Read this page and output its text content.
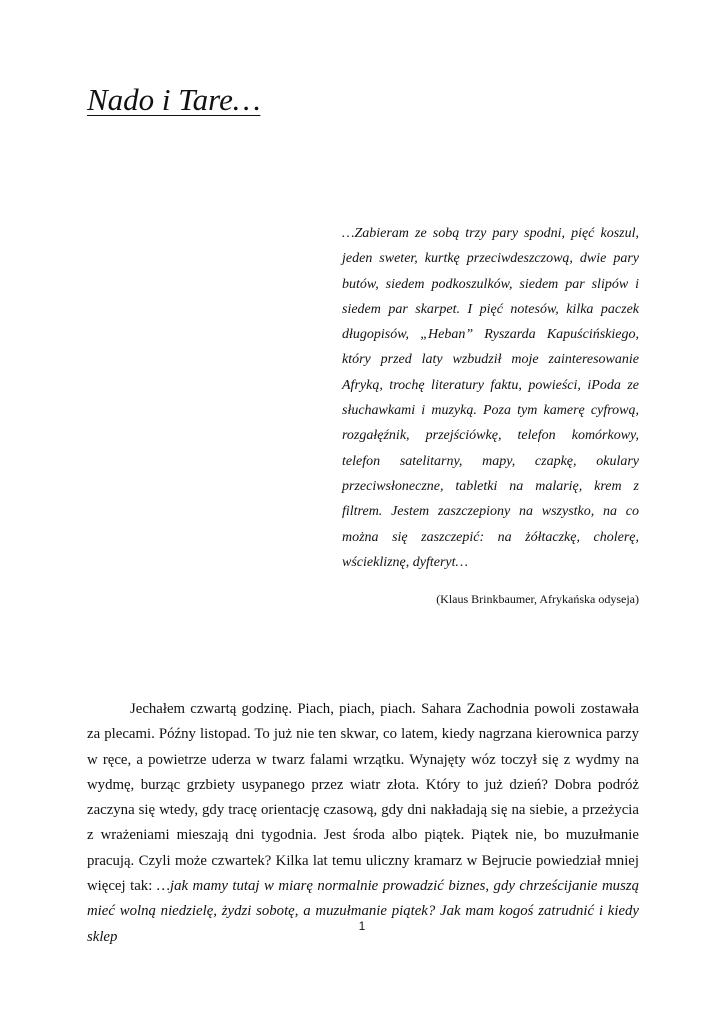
Nado i Tare…

…Zabieram ze sobą trzy pary spodni, pięć koszul, jeden sweter, kurtkę przeciwdeszczową, dwie pary butów, siedem podkoszulków, siedem par slipów i siedem par skarpet. I pięć notesów, kilka paczek długopisów, „Heban” Ryszarda Kapuścińskiego, który przed laty wzbudził moje zainteresowanie Afryką, trochę literatury faktu, powieści, iPoda ze słuchawkami i muzyką. Poza tym kamerę cyfrową, rozgałęźnik, przejściówkę, telefon komórkowy, telefon satelitarny, mapy, czapkę, okulary przeciwsłoneczne, tabletki na malarię, krem z filtrem. Jestem zaszczepiony na wszystko, na co można się zaszczepić: na żółtaczkę, cholerę, wściekliznę, dyfteryt…

(Klaus Brinkbaumer, Afrykańska odyseja)

Jechałem czwartą godzinę. Piach, piach, piach. Sahara Zachodnia powoli zostawała za plecami. Późny listopad. To już nie ten skwar, co latem, kiedy nagrzana kierownica parzy w ręce, a powietrze uderza w twarz falami wrzątku. Wynajęty wóz toczył się z wydmy na wydmę, burząc grzbiety usypanego przez wiatr złota. Który to już dzień? Dobra podróż zaczyna się wtedy, gdy tracę orientację czasową, gdy dni nakładają się na siebie, a przeżycia z wrażeniami mieszają dni tygodnia. Jest środa albo piątek. Piątek nie, bo muzułmanie pracują. Czyli może czwartek? Kilka lat temu uliczny kramarz w Bejrucie powiedział mniej więcej tak: …jak mamy tutaj w miarę normalnie prowadzić biznes, gdy chrześcijanie muszą mieć wolną niedzielę, żydzi sobotę, a muzułmanie piątek? Jak mam kogoś zatrudnić i kiedy sklep

1
